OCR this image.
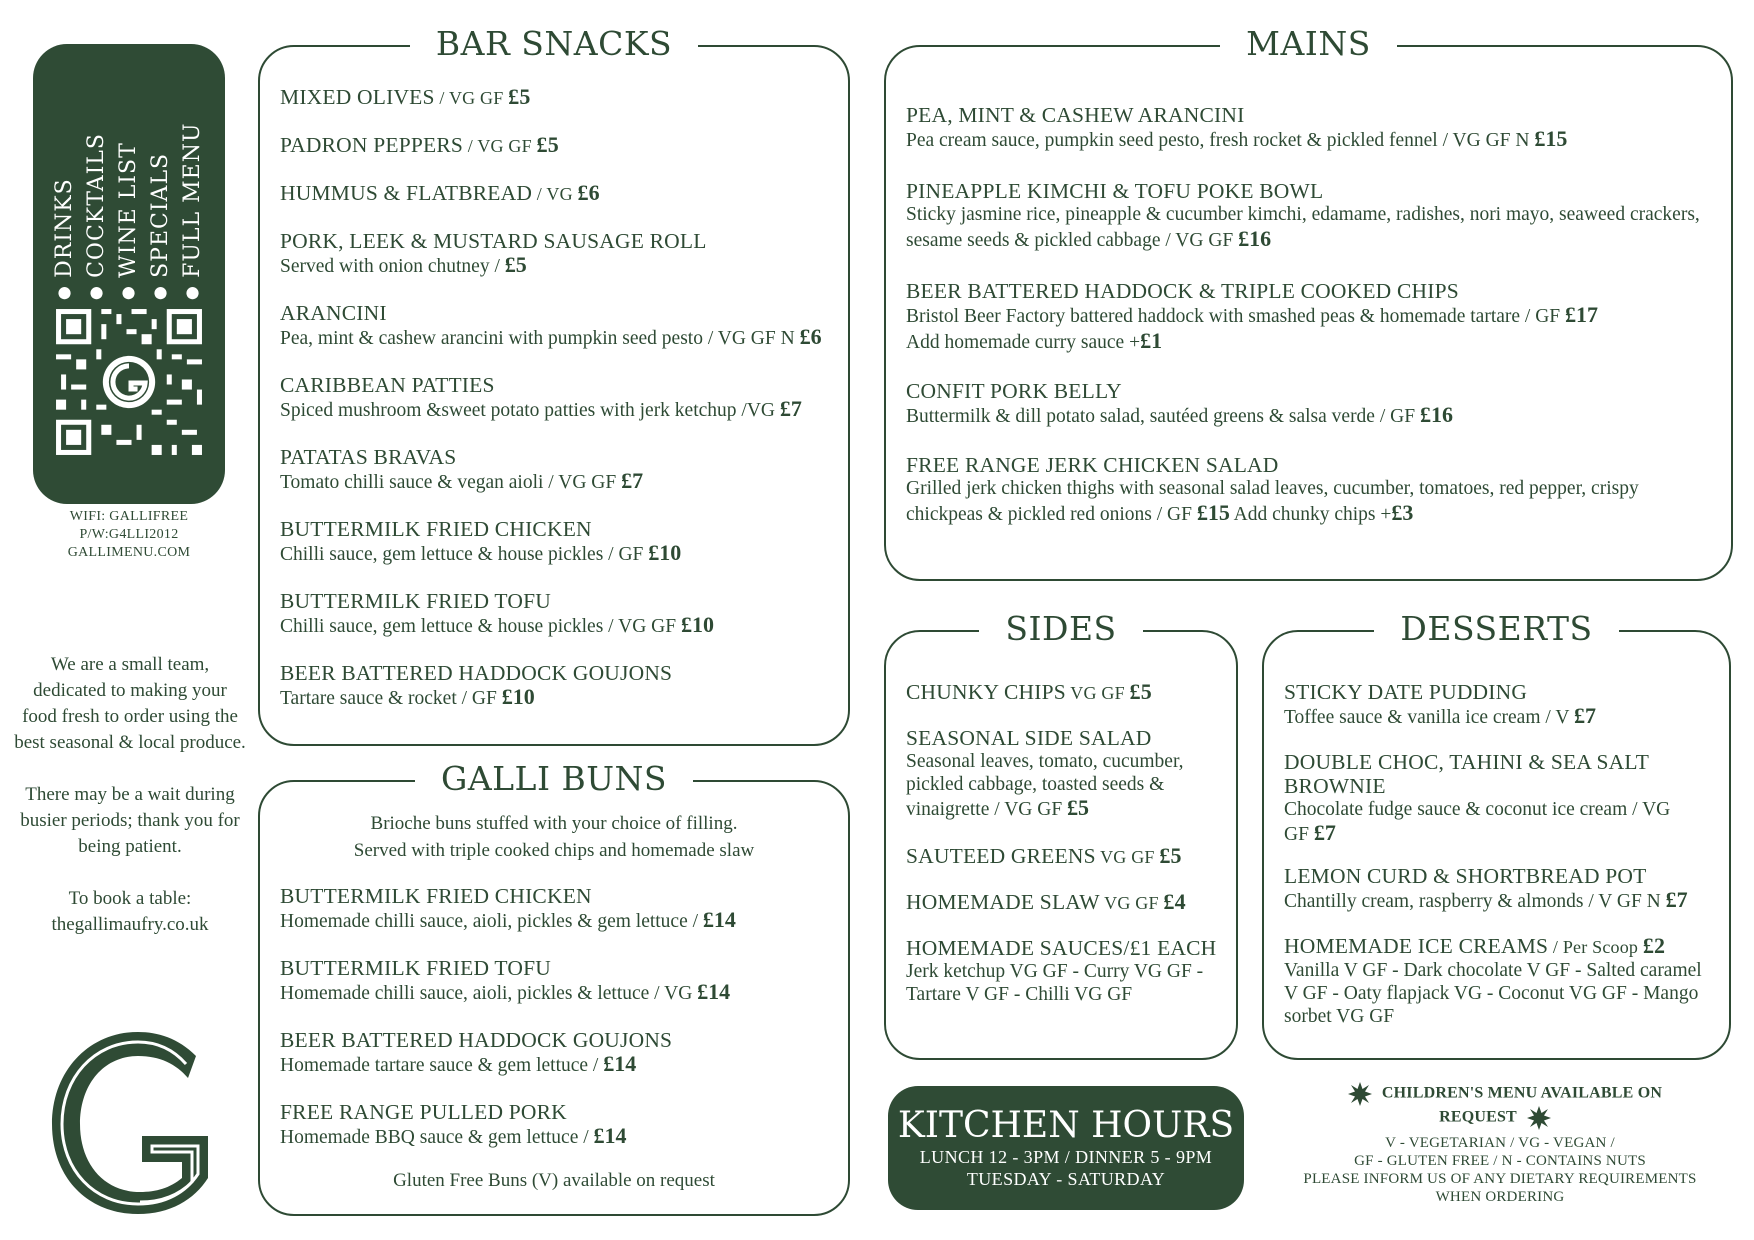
● FULL MENU
● SPECIALS
● WINE LIST
● COCKTAILS
● DRINKS
WIFI: GALLIFREE
P/W:G4LLI2012
GALLIMENU.COM

We are a small team, dedicated to making your food fresh to order using the best seasonal & local produce.

There may be a wait during busier periods; thank you for being patient.

To book a table:
thegallimaufry.co.uk

BAR SNACKS
MIXED OLIVES / VG GF £5
PADRON PEPPERS / VG GF £5
HUMMUS & FLATBREAD / VG £6
PORK, LEEK & MUSTARD SAUSAGE ROLL
Served with onion chutney / £5
ARANCINI
Pea, mint & cashew arancini with pumpkin seed pesto / VG GF N £6
CARIBBEAN PATTIES
Spiced mushroom &sweet potato patties with jerk ketchup /VG £7
PATATAS BRAVAS
Tomato chilli sauce & vegan aioli / VG GF £7
BUTTERMILK FRIED CHICKEN
Chilli sauce, gem lettuce & house pickles / GF £10
BUTTERMILK FRIED TOFU
Chilli sauce, gem lettuce & house pickles / VG GF £10
BEER BATTERED HADDOCK GOUJONS
Tartare sauce & rocket / GF £10
GALLI BUNS
Brioche buns stuffed with your choice of filling.
Served with triple cooked chips and homemade slaw
BUTTERMILK FRIED CHICKEN
Homemade chilli sauce, aioli, pickles & gem lettuce / £14
BUTTERMILK FRIED TOFU
Homemade chilli sauce, aioli, pickles & lettuce / VG £14
BEER BATTERED HADDOCK GOUJONS
Homemade tartare sauce & gem lettuce / £14
FREE RANGE PULLED PORK
Homemade BBQ sauce & gem lettuce / £14
Gluten Free Buns (V) available on request
MAINS
PEA, MINT & CASHEW ARANCINI
Pea cream sauce, pumpkin seed pesto, fresh rocket & pickled fennel / VG GF N £15
PINEAPPLE KIMCHI & TOFU POKE BOWL
Sticky jasmine rice, pineapple & cucumber kimchi, edamame, radishes, nori mayo, seaweed crackers, sesame seeds & pickled cabbage / VG GF £16
BEER BATTERED HADDOCK & TRIPLE COOKED CHIPS
Bristol Beer Factory battered haddock with smashed peas & homemade tartare / GF £17
Add homemade curry sauce +£1
CONFIT PORK BELLY
Buttermilk & dill potato salad, sautéed greens & salsa verde / GF £16
FREE RANGE JERK CHICKEN SALAD
Grilled jerk chicken thighs with seasonal salad leaves, cucumber, tomatoes, red pepper, crispy chickpeas & pickled red onions / GF £15 Add chunky chips +£3
SIDES
CHUNKY CHIPS VG GF £5
SEASONAL SIDE SALAD
Seasonal leaves, tomato, cucumber, pickled cabbage, toasted seeds & vinaigrette / VG GF £5
SAUTEED GREENS VG GF £5
HOMEMADE SLAW VG GF £4
HOMEMADE SAUCES/£1 EACH
Jerk ketchup VG GF - Curry VG GF - Tartare V GF - Chilli VG GF
DESSERTS
STICKY DATE PUDDING
Toffee sauce & vanilla ice cream / V £7
DOUBLE CHOC, TAHINI & SEA SALT BROWNIE
Chocolate fudge sauce & coconut ice cream / VG GF £7
LEMON CURD & SHORTBREAD POT
Chantilly cream, raspberry & almonds / V GF N £7
HOMEMADE ICE CREAMS / Per Scoop £2
Vanilla V GF - Dark chocolate V GF - Salted caramel V GF - Oaty flapjack VG - Coconut VG GF - Mango sorbet VG GF
KITCHEN HOURS
LUNCH 12 - 3PM / DINNER 5 - 9PM
TUESDAY - SATURDAY
CHILDREN'S MENU AVAILABLE ON REQUEST
V - VEGETARIAN / VG - VEGAN /
GF - GLUTEN FREE / N - CONTAINS NUTS
PLEASE INFORM US OF ANY DIETARY REQUIREMENTS
WHEN ORDERING
